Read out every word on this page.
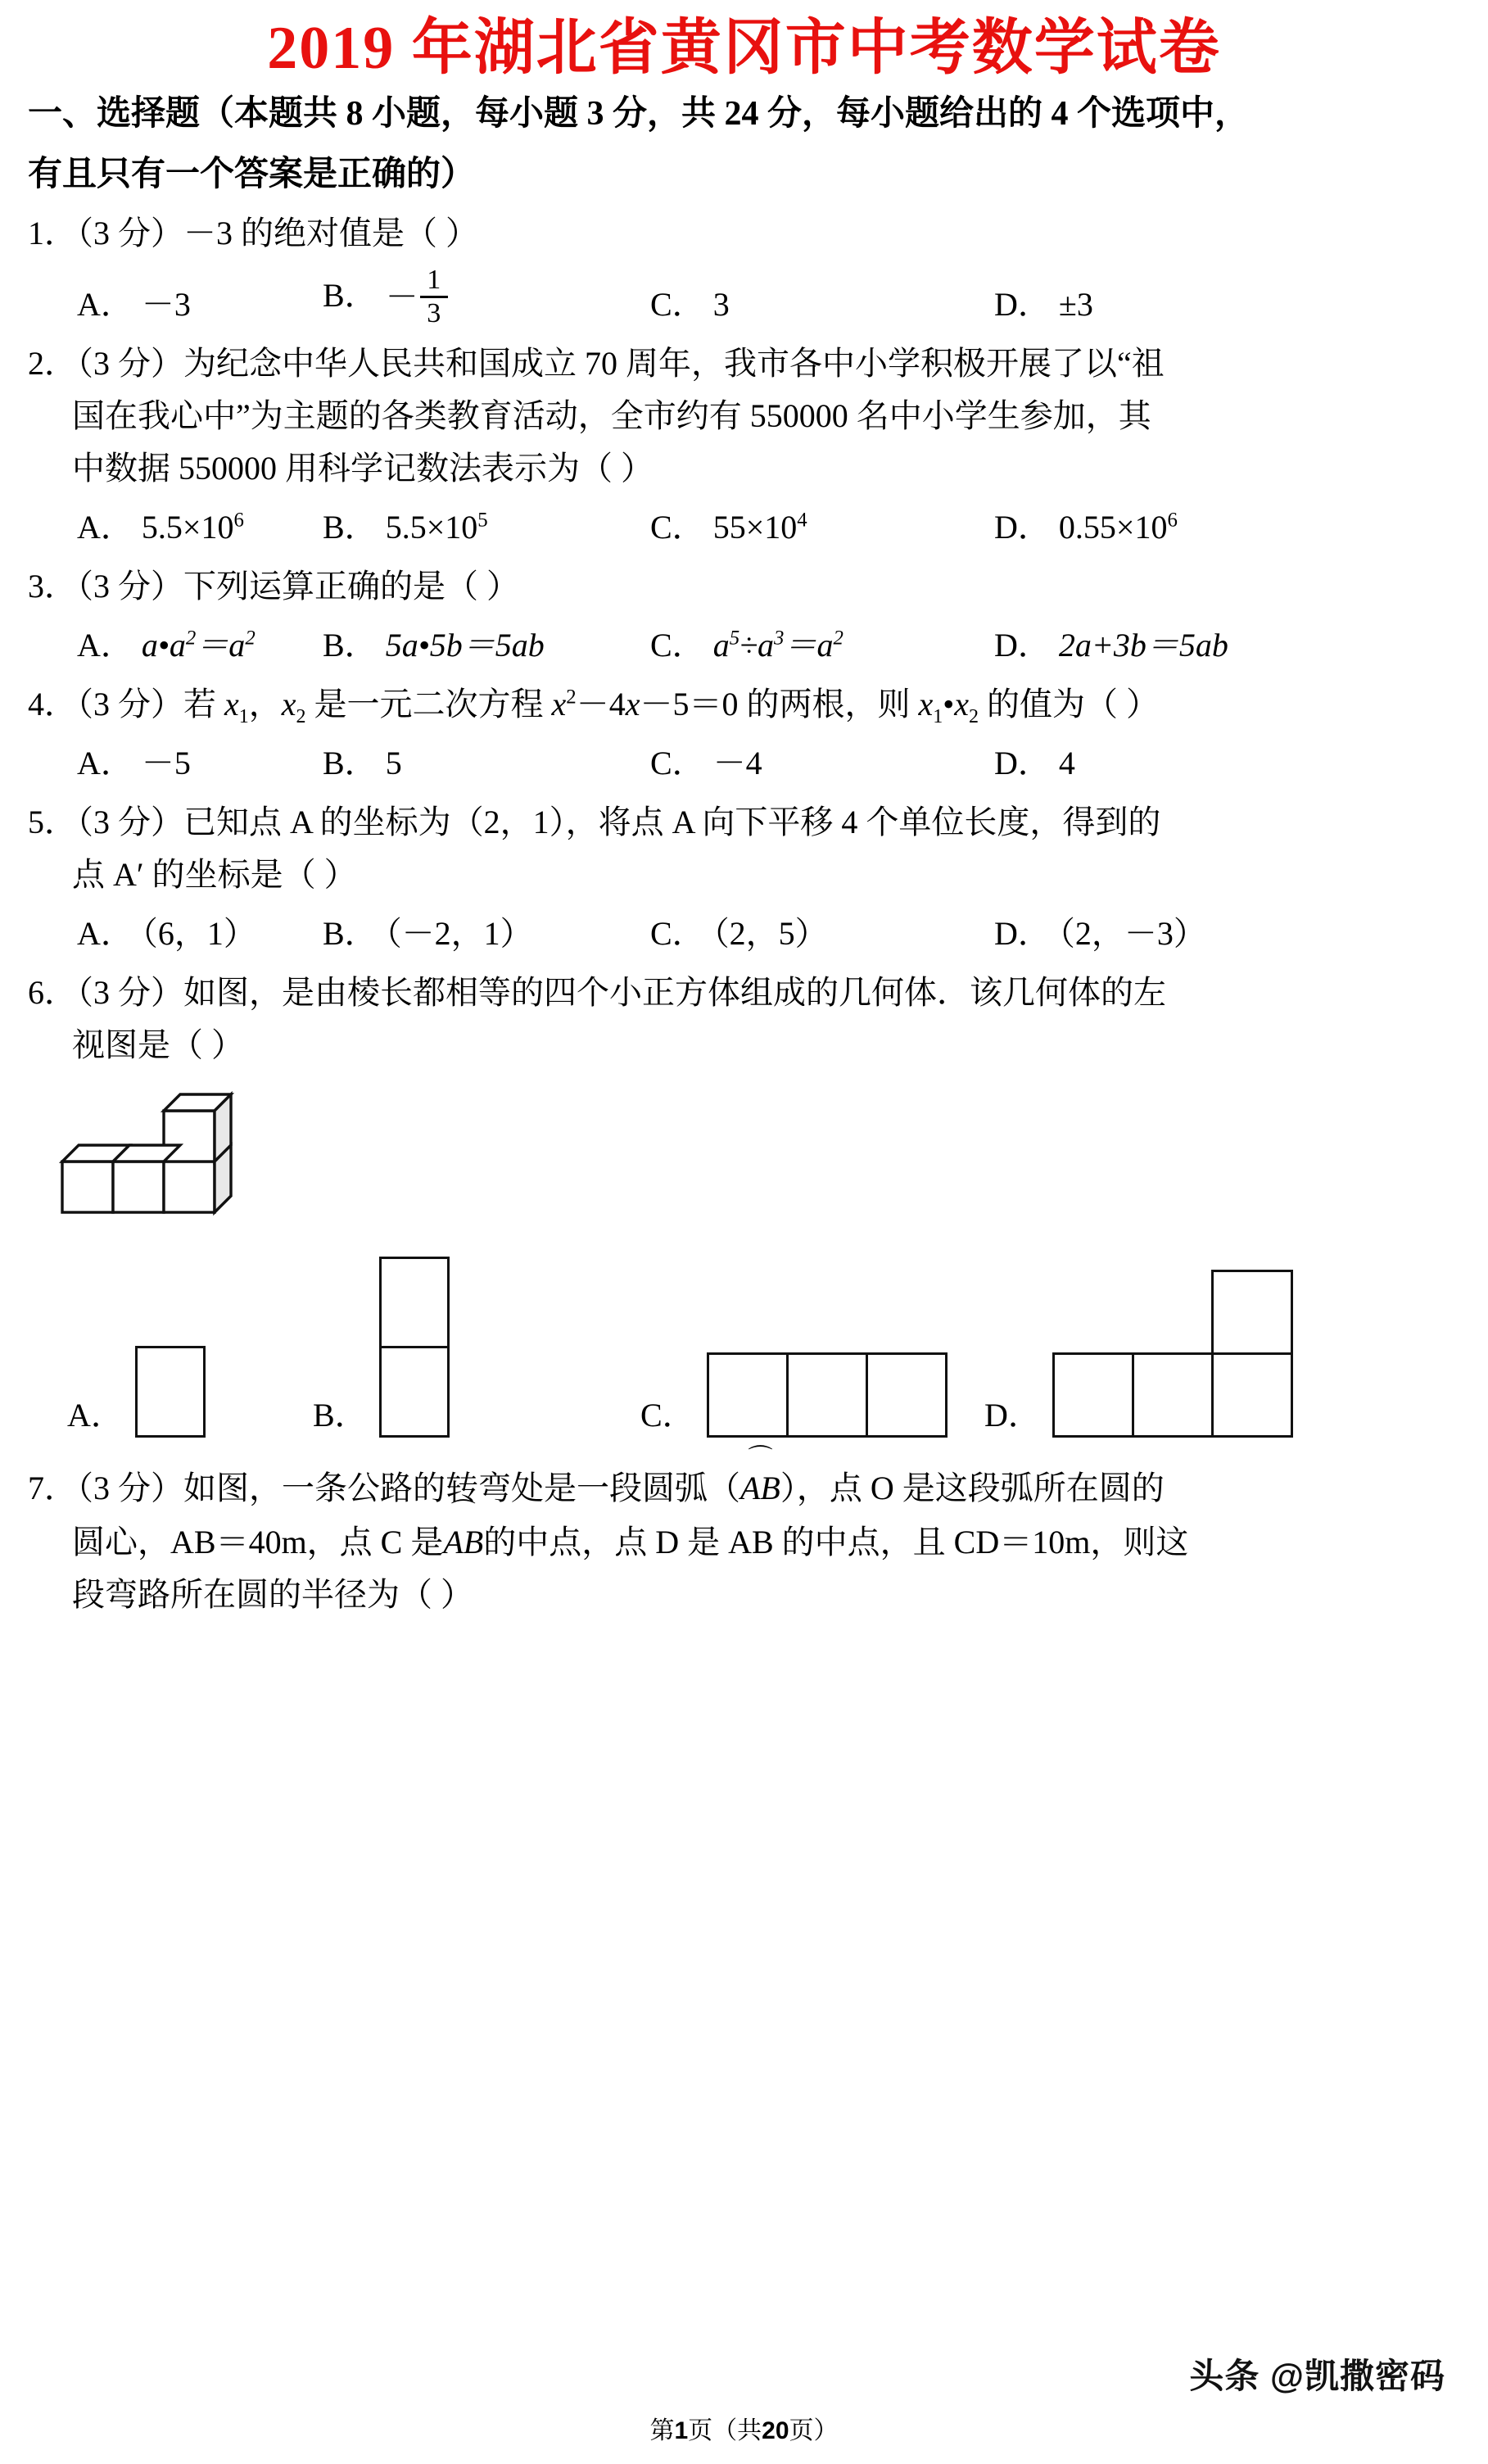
2019 年湖北省黄冈市中考数学试卷
一、选择题（本题共 8 小题，每小题 3 分，共 24 分，每小题给出的 4 个选项中，
有且只有一个答案是正确的）
1．（3 分）－3 的绝对值是（ ）
A． －3	B． － $\frac{1}{3}$	C． 3	D． ±3
2．（3 分）为纪念中华人民共和国成立 70 周年，我市各中小学积极开展了以“祖
国在我心中”为主题的各类教育活动，全市约有 550000 名中小学生参加，其
中数据 550000 用科学记数法表示为（ ）
A． $5.5\times 10^6$	B． $5.5\times 10^5$	C． $55\times 10^4$	D． $0.55\times 10^6$
3．（3 分）下列运算正确的是（ ）
A． $a•a^2=a^2$	B． 5a•5b＝5ab	C． $a^5\div a^3=a^2$	D． 2a+3b＝5ab
4．（3 分）若 $x_1$，$x_2$ 是一元二次方程 $x^2-4x-5=0$ 的两根，则 $x_1•x_2$ 的值为（ ）
A． －5	B． 5	C． －4	D． 4
5．（3 分）已知点 A 的坐标为（2，1），将点 A 向下平移 4 个单位长度，得到的
点 A′ 的坐标是（ ）
A． （6，1）	B． （－2，1）	C． （2，5）	D． （2，－3）
6．（3 分）如图，是由棱长都相等的四个小正方体组成的几何体．该几何体的左
视图是（ ）
A．	B．	C．	D．
7．（3 分）如图，一条公路的转弯处是一段圆弧（
⌒
AB），点 O 是这段弧所在圆的
圆心，AB＝40m，点 C 是
⌒
AB的中点，点 D 是 AB 的中点，且 CD＝10m，则这
段弯路所在圆的半径为（ ）
头条 @凯撒密码
第1页（共20页）
